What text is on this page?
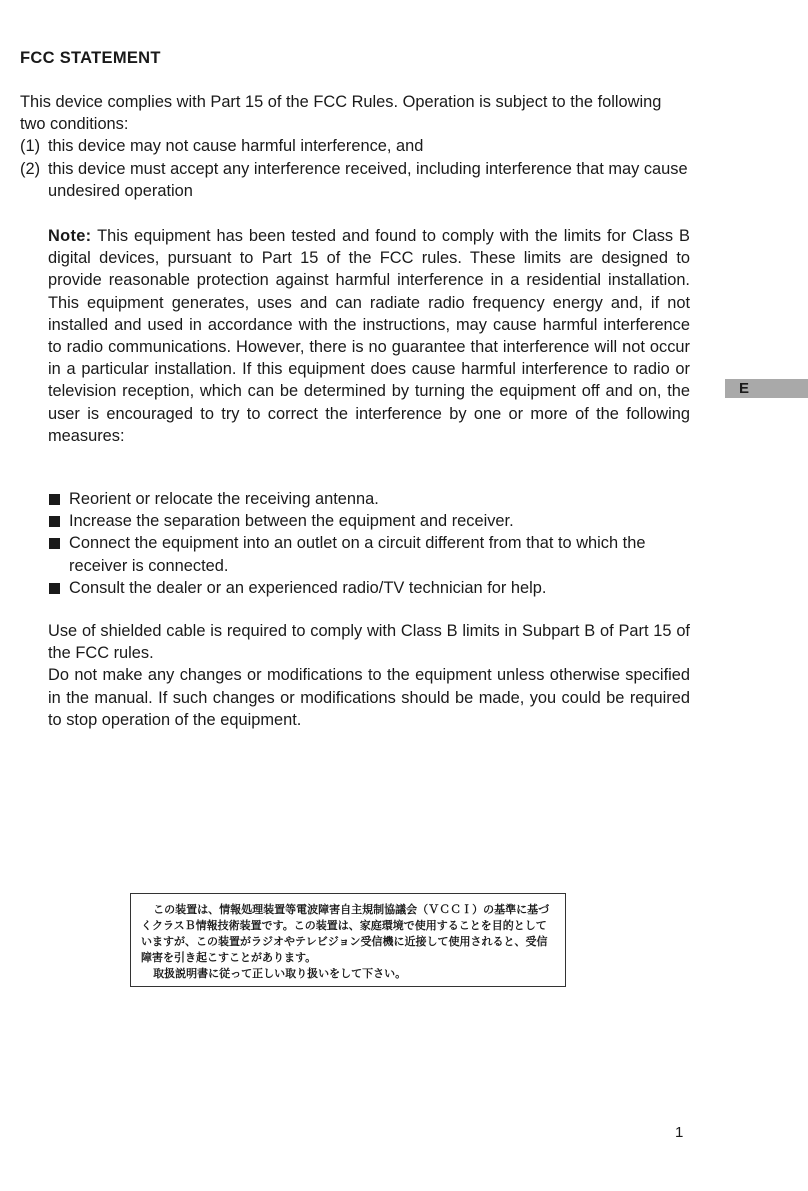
FCC STATEMENT
This device complies with Part 15 of the FCC Rules. Operation is subject to the following two conditions:
(1) this device may not cause harmful interference, and
(2) this device must accept any interference received, including interference that may cause undesired operation
Note: This equipment has been tested and found to comply with the limits for Class B digital devices, pursuant to Part 15 of the FCC rules. These limits are designed to provide reasonable protection against harmful interference in a residential installation. This equipment generates, uses and can radiate radio frequency energy and, if not installed and used in accordance with the instructions, may cause harmful interference to radio communications. However, there is no guarantee that interference will not occur in a particular installation. If this equipment does cause harmful interference to radio or television reception, which can be determined by turning the equipment off and on, the user is encouraged to try to correct the interference by one or more of the following measures:
Reorient or relocate the receiving antenna.
Increase the separation between the equipment and receiver.
Connect the equipment into an outlet on a circuit different from that to which the receiver is connected.
Consult the dealer or an experienced radio/TV technician for help.
Use of shielded cable is required to comply with Class B limits in Subpart B of Part 15 of the FCC rules.
Do not make any changes or modifications to the equipment unless otherwise specified in the manual. If such changes or modifications should be made, you could be required to stop operation of the equipment.
E

この装置は、情報処理装置等電波障害自主規制協議会（ＶＣＣＩ）の基準に基づくクラスＢ情報技術装置です。この装置は、家庭環境で使用することを目的としていますが、この装置がラジオやテレビジョン受信機に近接して使用されると、受信障害を引き起こすことがあります。

取扱説明書に従って正しい取り扱いをして下さい。

1
